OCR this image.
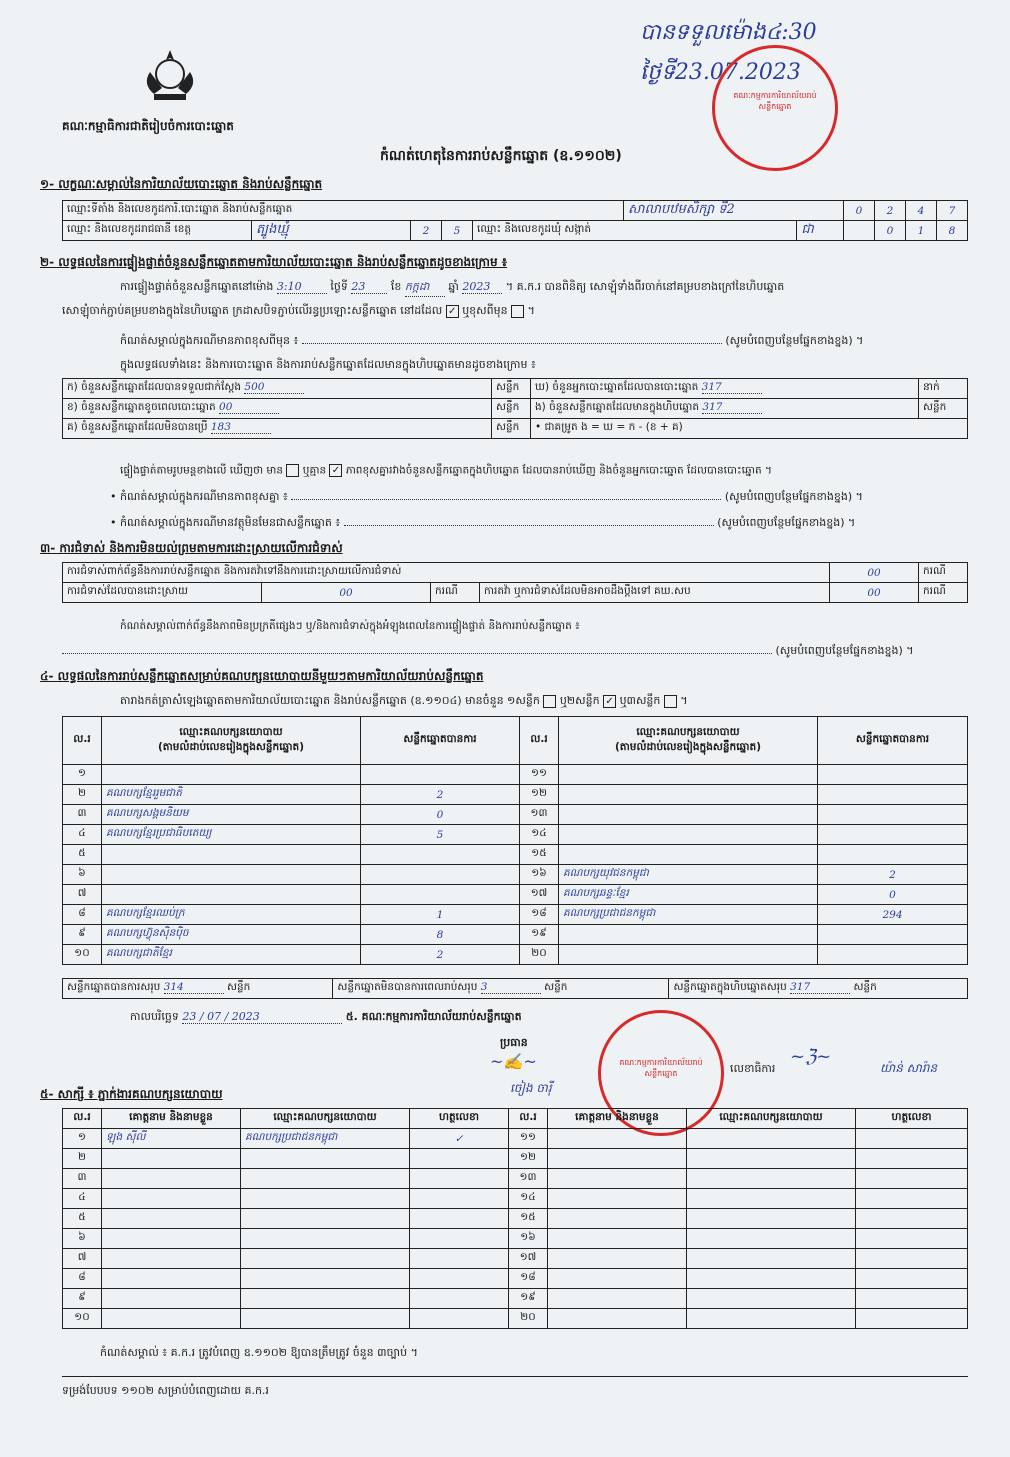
បានទទួលម៉ោង៤:30
ថ្ងៃទី23.07.2023
គណៈកម្មការការិយាល័យរាប់សន្លឹកឆ្នោត
គណៈកម្មាធិការជាតិរៀបចំការបោះឆ្នោត
កំណត់ហេតុនៃការរាប់សន្លឹកឆ្នោត (ឧ.១១០២)
១- លក្ខណៈសម្គាល់នៃការិយាល័យបោះឆ្នោត និងរាប់សន្លឹកឆ្នោត
ឈ្មោះទីតាំង និងលេខកូដការិ.បោះឆ្នោត និងរាប់សន្លឹកឆ្នោត					សាលាបឋមសិក្សា ទី2		0	2	4	7
ឈ្មោះ និងលេខកូដរាជធានី ខេត្ត	ត្បូងឃ្មុំ	2	5	ឈ្មោះ និងលេខកូដឃុំ សង្កាត់		ជា		0	1	8
២- លទ្ធផលនៃការផ្ទៀងផ្ទាត់ចំនួនសន្លឹកឆ្នោតតាមការិយាល័យបោះឆ្នោត និងរាប់សន្លឹកឆ្នោតដូចខាងក្រោម ៖
ការផ្ទៀងផ្ទាត់ចំនួនសន្លឹកឆ្នោតនៅម៉ោង 3:10	ថ្ងៃទី 23 ខែ កក្កដា ឆ្នាំ 2023 ។ គ.ក.រ បានពិនិត្យ សោឡុំទាំងពីរចាក់នៅគម្របខាងក្រៅនៃហិបឆ្នោត
សោឡុំចាក់ភ្ជាប់គម្របខាងក្នុងនៃហិបឆ្នោត ក្រដាសបិទភ្ជាប់លើរន្ធប្រឡោះសន្លឹកឆ្នោត នៅដដែល ✓ ឬខុសពីមុន  ។
កំណត់សម្គាល់ក្នុងករណីមានភាពខុសពីមុន ៖	(សូមបំពេញបន្ថែមផ្នែកខាងខ្នង) ។
ក្នុងលទ្ធផលទាំងនេះ និងការបោះឆ្នោត និងការរាប់សន្លឹកឆ្នោតដែលមានក្នុងហិបឆ្នោតមានដូចខាងក្រោម ៖
ក) ចំនួនសន្លឹកឆ្នោតដែលបានទទួលជាក់ស្តែង 500	សន្លឹក	ឃ) ចំនួនអ្នកបោះឆ្នោតដែលបានបោះឆ្នោត 317	នាក់
ខ) ចំនួនសន្លឹកឆ្នោតខូចពេលបោះឆ្នោត 00	សន្លឹក	ង) ចំនួនសន្លឹកឆ្នោតដែលមានក្នុងហិបឆ្នោត 317	សន្លឹក
គ) ចំនួនសន្លឹកឆ្នោតដែលមិនបានប្រើ 183	សន្លឹក	• ជាគម្រូត ង = ឃ = ក - (ខ + គ)	
ផ្ទៀងផ្ទាត់តាមរូបមន្តខាងលើ ឃើញថា មាន ឬគ្មាន ✓ ភាពខុសគ្នារវាងចំនួនសន្លឹកឆ្នោតក្នុងហិបឆ្នោត ដែលបានរាប់ឃើញ និងចំនួនអ្នកបោះឆ្នោត ដែលបានបោះឆ្នោត ។
• កំណត់សម្គាល់ក្នុងករណីមានភាពខុសគ្នា ៖	(សូមបំពេញបន្ថែមផ្នែកខាងខ្នង) ។
• កំណត់សម្គាល់ក្នុងករណីមានវត្ថុមិនមែនជាសន្លឹកឆ្នោត ៖	(សូមបំពេញបន្ថែមផ្នែកខាងខ្នង) ។
៣- ការជំទាស់ និងការមិនយល់ព្រមតាមការដោះស្រាយលើការជំទាស់
ការជំទាស់ពាក់ព័ន្ធនឹងការរាប់សន្លឹកឆ្នោត និងការតវ៉ាទៅនឹងការដោះស្រាយលើការជំទាស់				00	ករណី
ការជំទាស់ដែលបានដោះស្រាយ	00	ករណី	ការតវ៉ា ឬការជំទាស់ដែលមិនអាចដឹងប្តឹងទៅ គឃ.សប	00	ករណី
កំណត់សម្គាល់ពាក់ព័ន្ធនឹងភាពមិនប្រក្រតីផ្សេងៗ ឬ/និងការជំទាស់ក្នុងអំឡុងពេលនៃការផ្ទៀងផ្ទាត់ និងការរាប់សន្លឹកឆ្នោត ៖
(សូមបំពេញបន្ថែមផ្នែកខាងខ្នង) ។
៤- លទ្ធផលនៃការរាប់សន្លឹកឆ្នោតសម្រាប់គណបក្សនយោបាយនីមួយៗតាមការិយាល័យរាប់សន្លឹកឆ្នោត
តារាងកត់ត្រាសំឡេងឆ្នោតតាមការិយាល័យបោះឆ្នោត និងរាប់សន្លឹកឆ្នោត (ឧ.១១០៤) មានចំនួន ១សន្លឹក ឬ២សន្លឹក ✓ ឬ៣សន្លឹក  ។
ល.រ	ឈ្មោះគណបក្សនយោបាយ
(តាមលំដាប់លេខរៀងក្នុងសន្លឹកឆ្នោត)	សន្លឹកឆ្នោតបានការ	ល.រ	ឈ្មោះគណបក្សនយោបាយ
(តាមលំដាប់លេខរៀងក្នុងសន្លឹកឆ្នោត)	សន្លឹកឆ្នោតបានការ
១			១១		
២	គណបក្សខ្មែររួមជាតិ	2	១២		
៣	គណបក្សសង្គមនិយម	0	១៣		
៤	គណបក្សខ្មែរប្រជាធិបតេយ្យ	5	១៤		
៥			១៥		
៦			១៦	គណបក្សយុវជនកម្ពុជា	2
៧			១៧	គណបក្សឆន្ទៈខ្មែរ	0
៨	គណបក្សខ្មែរឈប់ក្រ	1	១៨	គណបក្សប្រជាជនកម្ពុជា	294
៩	គណបក្សហ៊្វុនស៊ិនប៉ិច	8	១៩		
១០	គណបក្សជាតិខ្មែរ	2	២០		
សន្លឹកឆ្នោតបានការសរុប 314	សន្លឹក	សន្លឹកឆ្នោតមិនបានការពេលរាប់សរុប 3	សន្លឹក	សន្លឹកឆ្នោតក្នុងហិបឆ្នោតសរុប 317	សន្លឹក
កាលបរិច្ឆេទ 23 / 07 / 2023	៥. គណៈកម្មការការិយាល័យរាប់សន្លឹកឆ្នោត
ប្រធាន
~✍~
ចៀង ចារ៉ី
លេខាធិការ
~ℨ~
យ៉ាន់ សារ៉ាន
គណៈកម្មការការិយាល័យរាប់សន្លឹកឆ្នោត
៥- សាក្សី ៖ ភ្នាក់ងារគណបក្សនយោបាយ
ល.រ	គោត្តនាម និងនាមខ្លួន	ឈ្មោះគណបក្សនយោបាយ	ហត្ថលេខា	ល.រ	គោត្តនាម និងនាមខ្លួន	ឈ្មោះគណបក្សនយោបាយ	ហត្ថលេខា
១	ឡុង ស៊ីលី	គណបក្សប្រជាជនកម្ពុជា	✓	១១			
២				១២			
៣				១៣			
៤				១៤			
៥				១៥			
៦				១៦			
៧				១៧			
៨				១៨			
៩				១៩			
១០				២០			
កំណត់សម្គាល់ ៖ គ.ក.រ ត្រូវបំពេញ ឧ.១១០២ ឱ្យបានត្រឹមត្រូវ ចំនួន ៣ច្បាប់ ។
ទម្រង់បែបបទ ១១០២ សម្រាប់បំពេញដោយ គ.ក.រ
